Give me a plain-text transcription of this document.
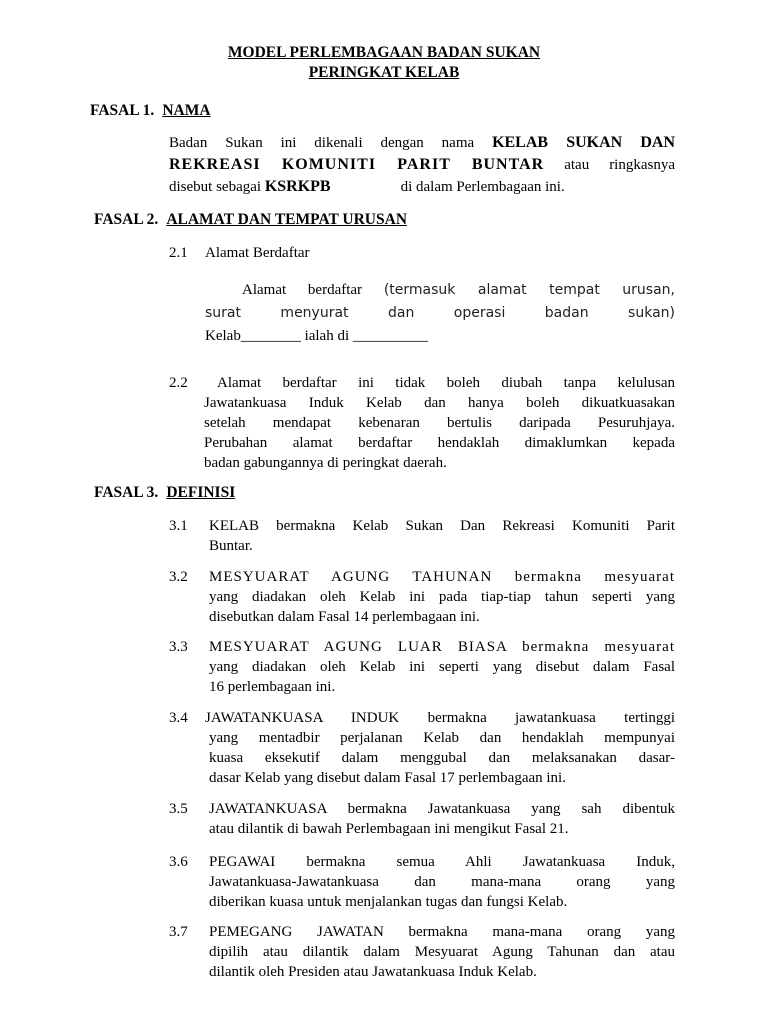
MODEL PERLEMBAGAAN BADAN SUKAN
PERINGKAT KELAB
FASAL 1. NAMA
Badan Sukan ini dikenali dengan nama KELAB SUKAN DAN
REKREASI KOMUNITI PARIT BUNTAR atau ringkasnya
disebut sebagai KSRKPB	di dalam Perlembagaan ini.
FASAL 2. ALAMAT DAN TEMPAT URUSAN
2.1 Alamat Berdaftar
Alamat berdaftar (termasuk alamat tempat urusan,
surat menyurat dan operasi badan sukan)
Kelab________ ialah di __________
2.2	Alamat berdaftar ini tidak boleh diubah tanpa kelulusan
Jawatankuasa Induk Kelab dan hanya boleh dikuatkuasakan
setelah mendapat kebenaran bertulis daripada Pesuruhjaya.
Perubahan alamat berdaftar hendaklah dimaklumkan kepada
badan gabungannya di peringkat daerah.
FASAL 3. DEFINISI
3.1 KELAB bermakna Kelab Sukan Dan Rekreasi Komuniti Parit
Buntar.
3.2 MESYUARAT AGUNG TAHUNAN bermakna mesyuarat
yang diadakan oleh Kelab ini pada tiap-tiap tahun seperti yang
disebutkan dalam Fasal 14 perlembagaan ini.
3.3 MESYUARAT AGUNG LUAR BIASA bermakna mesyuarat
yang diadakan oleh Kelab ini seperti yang disebut dalam Fasal
16 perlembagaan ini.
3.4 JAWATANKUASA INDUK bermakna jawatankuasa tertinggi
yang mentadbir perjalanan Kelab dan hendaklah mempunyai
kuasa eksekutif dalam menggubal dan melaksanakan dasar-
dasar Kelab yang disebut dalam Fasal 17 perlembagaan ini.
3.5 JAWATANKUASA bermakna Jawatankuasa yang sah dibentuk
atau dilantik di bawah Perlembagaan ini mengikut Fasal 21.
3.6 PEGAWAI bermakna semua Ahli Jawatankuasa Induk,
Jawatankuasa-Jawatankuasa dan mana-mana orang yang
diberikan kuasa untuk menjalankan tugas dan fungsi Kelab.
3.7 PEMEGANG JAWATAN bermakna mana-mana orang yang
dipilih atau dilantik dalam Mesyuarat Agung Tahunan dan atau
dilantik oleh Presiden atau Jawatankuasa Induk Kelab.
